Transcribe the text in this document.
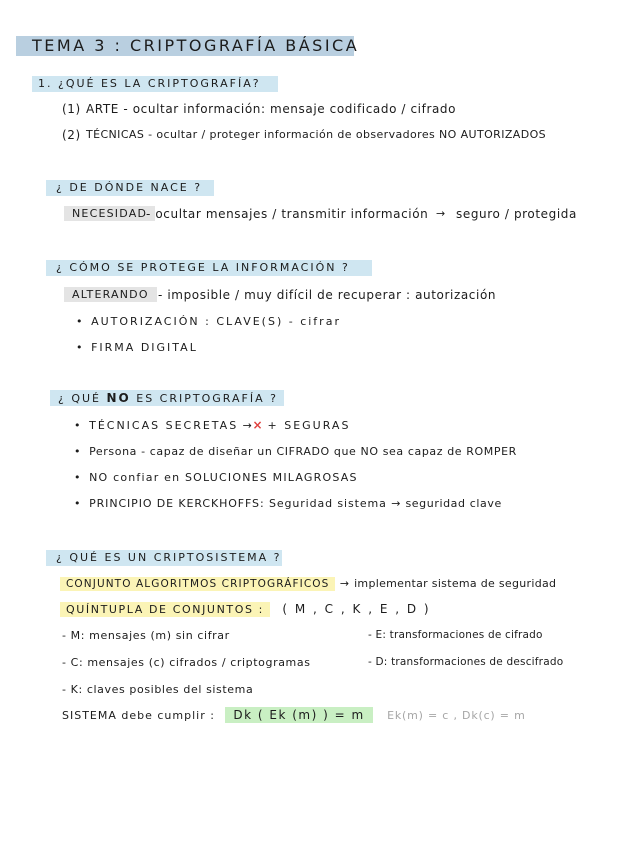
TEMA 3 : CRIPTOGRAFÍA BÁSICA
1. ¿QUÉ ES LA CRIPTOGRAFÍA?
(1) ARTE - ocultar información: mensaje codificado / cifrado
(2) TÉCNICAS - ocultar / proteger información de observadores NO AUTORIZADOS
¿ DE DÓNDE NACE ?
NECESIDAD
- ocultar mensajes / transmitir información → seguro / protegida
¿ CÓMO SE PROTEGE LA INFORMACIÓN ?
ALTERANDO - imposible / muy difícil de recuperar : autorización
• AUTORIZACIÓN : CLAVE(S) - cifrar
• FIRMA DIGITAL
¿ QUÉ NO ES CRIPTOGRAFÍA ?
• TÉCNICAS SECRETAS →× + SEGURAS
• Persona - capaz de diseñar un CIFRADO que NO sea capaz de ROMPER
• NO confiar en SOLUCIONES MILAGROSAS
• PRINCIPIO DE KERCKHOFFS: Seguridad sistema → seguridad clave
¿ QUÉ ES UN CRIPTOSISTEMA ?
CONJUNTO ALGORITMOS CRIPTOGRÁFICOS → implementar sistema de seguridad
QUÍNTUPLA DE CONJUNTOS : ( M , C , K , E , D )
- M: mensajes (m) sin cifrar
- C: mensajes (c) cifrados / criptogramas
- K: claves posibles del sistema
- E: transformaciones de cifrado
- D: transformaciones de descifrado
SISTEMA debe cumplir : Dk ( Ek (m) ) = m Ek(m) = c , Dk(c) = m
